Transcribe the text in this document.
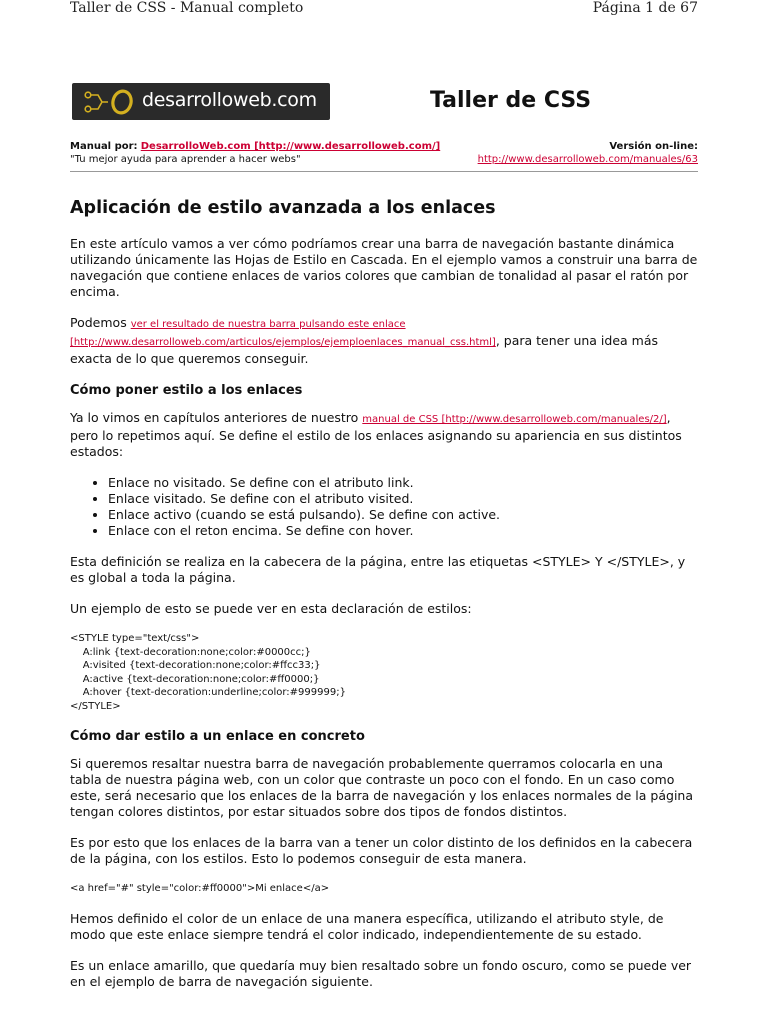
Taller de CSS - Manual completo	Página 1 de 67
desarrolloweb.com	Taller de CSS
Manual por: DesarrolloWeb.com [http://www.desarrolloweb.com/]	Versión on-line:
"Tu mejor ayuda para aprender a hacer webs"	http://www.desarrolloweb.com/manuales/63
Aplicación de estilo avanzada a los enlaces

En este artículo vamos a ver cómo podríamos crear una barra de navegación bastante dinámica utilizando únicamente las Hojas de Estilo en Cascada. En el ejemplo vamos a construir una barra de navegación que contiene enlaces de varios colores que cambian de tonalidad al pasar el ratón por encima.

Podemos ver el resultado de nuestra barra pulsando este enlace [http://www.desarrolloweb.com/articulos/ejemplos/ejemploenlaces_manual_css.html], para tener una idea más exacta de lo que queremos conseguir.

Cómo poner estilo a los enlaces

Ya lo vimos en capítulos anteriores de nuestro manual de CSS [http://www.desarrolloweb.com/manuales/2/], pero lo repetimos aquí. Se define el estilo de los enlaces asignando su apariencia en sus distintos estados:

• Enlace no visitado. Se define con el atributo link.
• Enlace visitado. Se define con el atributo visited.
• Enlace activo (cuando se está pulsando). Se define con active.
• Enlace con el reton encima. Se define con hover.

Esta definición se realiza en la cabecera de la página, entre las etiquetas <STYLE> Y </STYLE>, y es global a toda la página.

Un ejemplo de esto se puede ver en esta declaración de estilos:

<STYLE type="text/css">
A:link {text-decoration:none;color:#0000cc;}
A:visited {text-decoration:none;color:#ffcc33;}
A:active {text-decoration:none;color:#ff0000;}
A:hover {text-decoration:underline;color:#999999;}
</STYLE>
Cómo dar estilo a un enlace en concreto

Si queremos resaltar nuestra barra de navegación probablemente querramos colocarla en una tabla de nuestra página web, con un color que contraste un poco con el fondo. En un caso como este, será necesario que los enlaces de la barra de navegación y los enlaces normales de la página tengan colores distintos, por estar situados sobre dos tipos de fondos distintos.

Es por esto que los enlaces de la barra van a tener un color distinto de los definidos en la cabecera de la página, con los estilos. Esto lo podemos conseguir de esta manera.

<a href="#" style="color:#ff0000">Mi enlace</a>

Hemos definido el color de un enlace de una manera específica, utilizando el atributo style, de modo que este enlace siempre tendrá el color indicado, independientemente de su estado.

Es un enlace amarillo, que quedaría muy bien resaltado sobre un fondo oscuro, como se puede ver en el ejemplo de barra de navegación siguiente.
